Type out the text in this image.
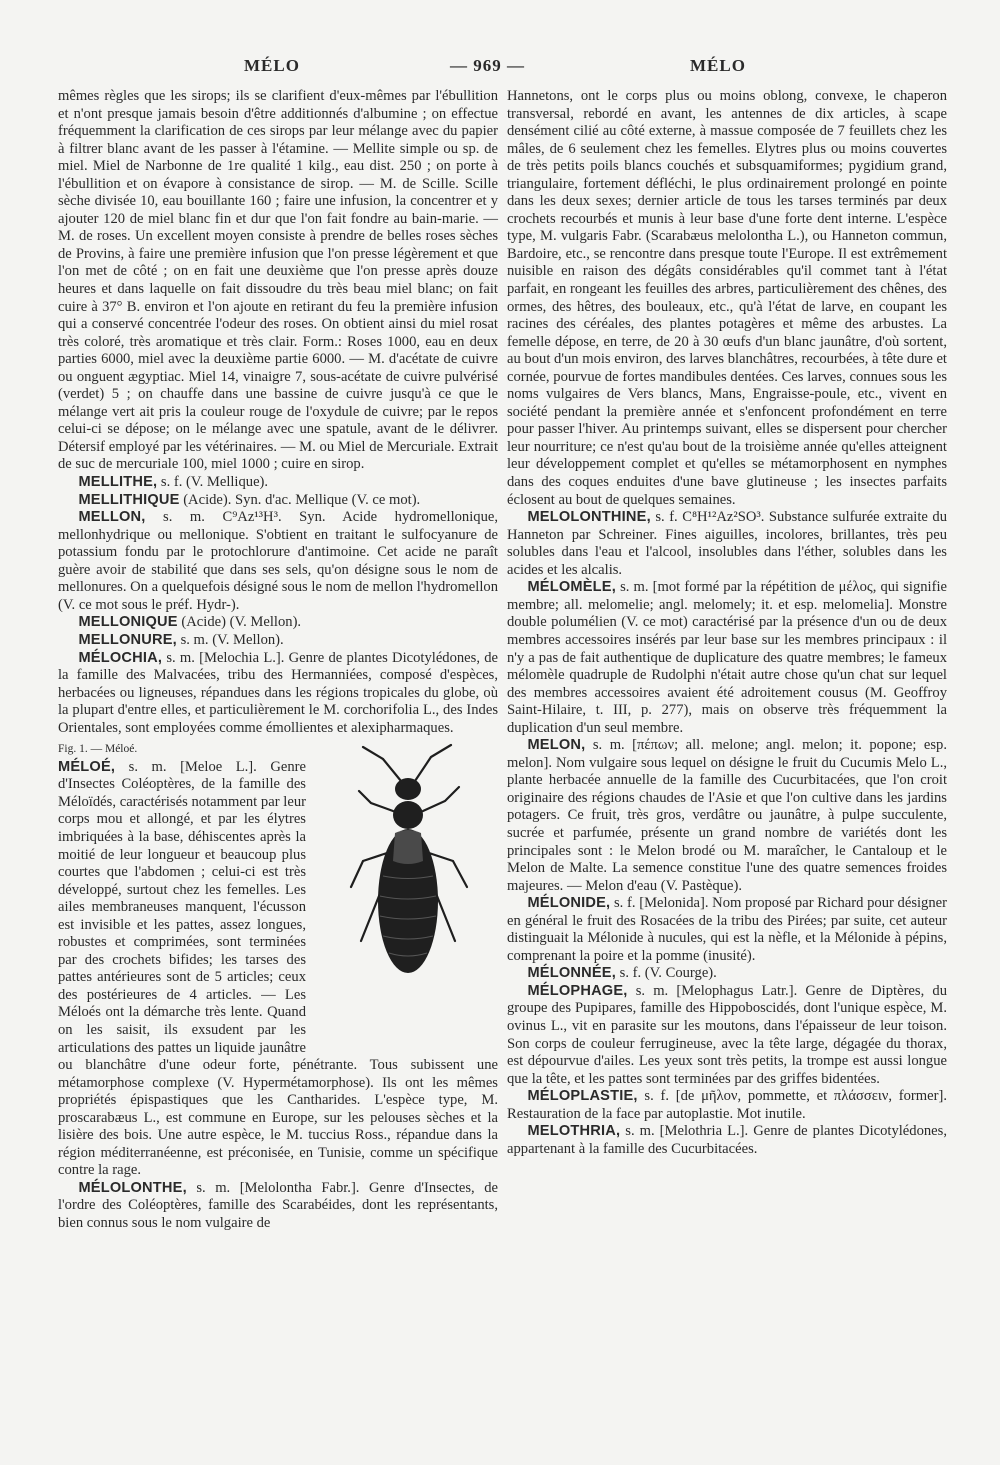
MÉLO	— 969 —	MÉLO

mêmes règles que les sirops; ils se clarifient d'eux-mêmes par l'ébullition et n'ont presque jamais besoin d'être additionnés d'albumine ; on effectue fréquemment la clarification de ces sirops par leur mélange avec du papier à filtrer blanc avant de les passer à l'étamine. — Mellite simple ou sp. de miel. Miel de Narbonne de 1re qualité 1 kilg., eau dist. 250 ; on porte à l'ébullition et on évapore à consistance de sirop. — M. de Scille. Scille sèche divisée 10, eau bouillante 160 ; faire une infusion, la concentrer et y ajouter 120 de miel blanc fin et dur que l'on fait fondre au bain-marie. — M. de roses. Un excellent moyen consiste à prendre de belles roses sèches de Provins, à faire une première infusion que l'on presse légèrement et que l'on met de côté ; on en fait une deuxième que l'on presse après douze heures et dans laquelle on fait dissoudre du très beau miel blanc; on fait cuire à 37° B. environ et l'on ajoute en retirant du feu la première infusion qui a conservé concentrée l'odeur des roses. On obtient ainsi du miel rosat très coloré, très aromatique et très clair. Form.: Roses 1000, eau en deux parties 6000, miel avec la deuxième partie 6000. — M. d'acétate de cuivre ou onguent ægyptiac. Miel 14, vinaigre 7, sous-acétate de cuivre pulvérisé (verdet) 5 ; on chauffe dans une bassine de cuivre jusqu'à ce que le mélange vert ait pris la couleur rouge de l'oxydule de cuivre; par le repos celui-ci se dépose; on le mélange avec une spatule, avant de le délivrer. Détersif employé par les vétérinaires. — M. ou Miel de Mercuriale. Extrait de suc de mercuriale 100, miel 1000 ; cuire en sirop.

MELLITHE, s. f. (V. Mellique).

MELLITHIQUE (Acide). Syn. d'ac. Mellique (V. ce mot).

MELLON, s. m. C⁹Az¹³H³. Syn. Acide hydromellonique, mellonhydrique ou mellonique. S'obtient en traitant le sulfocyanure de potassium fondu par le protochlorure d'antimoine. Cet acide ne paraît guère avoir de stabilité que dans ses sels, qu'on désigne sous le nom de mellonures. On a quelquefois désigné sous le nom de mellon l'hydromellon (V. ce mot sous le préf. Hydr-).

MELLONIQUE (Acide) (V. Mellon).

MELLONURE, s. m. (V. Mellon).

MÉLOCHIA, s. m. [Melochia L.]. Genre de plantes Dicotylédones, de la famille des Malvacées, tribu des Hermanniées, composé d'espèces, herbacées ou ligneuses, répandues dans les régions tropicales du globe, où la plupart d'entre elles, et particulièrement le M. corchorifolia L., des Indes Orientales, sont employées comme émollientes et alexipharmaques.

Fig. 1. — Méloé.
MÉLOÉ, s. m. [Meloe L.]. Genre d'Insectes Coléoptères, de la famille des Méloïdés, caractérisés notamment par leur corps mou et allongé, et par les élytres imbriquées à la base, déhiscentes après la moitié de leur longueur et beaucoup plus courtes que l'abdomen ; celui-ci est très développé, surtout chez les femelles. Les ailes membraneuses manquent, l'écusson est invisible et les pattes, assez longues, robustes et comprimées, sont terminées par des crochets bifides; les tarses des pattes antérieures sont de 5 articles; ceux des postérieures de 4 articles. — Les Méloés ont la démarche très lente. Quand on les saisit, ils exsudent par les articulations des pattes un liquide jaunâtre ou blanchâtre d'une odeur forte, pénétrante. Tous subissent une métamorphose complexe (V. Hypermétamorphose). Ils ont les mêmes propriétés épispastiques que les Cantharides. L'espèce type, M. proscarabæus L., est commune en Europe, sur les pelouses sèches et la lisière des bois. Une autre espèce, le M. tuccius Ross., répandue dans la région méditerranéenne, est préconisée, en Tunisie, comme un spécifique contre la rage.

MÉLOLONTHE, s. m. [Melolontha Fabr.]. Genre d'Insectes, de l'ordre des Coléoptères, famille des Scarabéides, dont les représentants, bien connus sous le nom vulgaire de

Hannetons, ont le corps plus ou moins oblong, convexe, le chaperon transversal, rebordé en avant, les antennes de dix articles, à scape densément cilié au côté externe, à massue composée de 7 feuillets chez les mâles, de 6 seulement chez les femelles. Elytres plus ou moins couvertes de très petits poils blancs couchés et subsquamiformes; pygidium grand, triangulaire, fortement défléchi, le plus ordinairement prolongé en pointe dans les deux sexes; dernier article de tous les tarses terminés par deux crochets recourbés et munis à leur base d'une forte dent interne. L'espèce type, M. vulgaris Fabr. (Scarabæus melolontha L.), ou Hanneton commun, Bardoire, etc., se rencontre dans presque toute l'Europe. Il est extrêmement nuisible en raison des dégâts considérables qu'il commet tant à l'état parfait, en rongeant les feuilles des arbres, particulièrement des chênes, des ormes, des hêtres, des bouleaux, etc., qu'à l'état de larve, en coupant les racines des céréales, des plantes potagères et même des arbustes. La femelle dépose, en terre, de 20 à 30 œufs d'un blanc jaunâtre, d'où sortent, au bout d'un mois environ, des larves blanchâtres, recourbées, à tête dure et cornée, pourvue de fortes mandibules dentées. Ces larves, connues sous les noms vulgaires de Vers blancs, Mans, Engraisse-poule, etc., vivent en société pendant la première année et s'enfoncent profondément en terre pour passer l'hiver. Au printemps suivant, elles se dispersent pour chercher leur nourriture; ce n'est qu'au bout de la troisième année qu'elles atteignent leur développement complet et qu'elles se métamorphosent en nymphes dans des coques enduites d'une bave glutineuse ; les insectes parfaits éclosent au bout de quelques semaines.

MELOLONTHINE, s. f. C⁸H¹²Az²SO³. Substance sulfurée extraite du Hanneton par Schreiner. Fines aiguilles, incolores, brillantes, très peu solubles dans l'eau et l'alcool, insolubles dans l'éther, solubles dans les acides et les alcalis.

MÉLOMÈLE, s. m. [mot formé par la répétition de μέλος, qui signifie membre; all. melomelie; angl. melomely; it. et esp. melomelia]. Monstre double polumélien (V. ce mot) caractérisé par la présence d'un ou de deux membres accessoires insérés par leur base sur les membres principaux : il n'y a pas de fait authentique de duplicature des quatre membres; le fameux mélomèle quadruple de Rudolphi n'était autre chose qu'un chat sur lequel des membres accessoires avaient été adroitement cousus (M. Geoffroy Saint-Hilaire, t. III, p. 277), mais on observe très fréquemment la duplication d'un seul membre.

MELON, s. m. [πέπων; all. melone; angl. melon; it. popone; esp. melon]. Nom vulgaire sous lequel on désigne le fruit du Cucumis Melo L., plante herbacée annuelle de la famille des Cucurbitacées, que l'on croit originaire des régions chaudes de l'Asie et que l'on cultive dans les jardins potagers. Ce fruit, très gros, verdâtre ou jaunâtre, à pulpe succulente, sucrée et parfumée, présente un grand nombre de variétés dont les principales sont : le Melon brodé ou M. maraîcher, le Cantaloup et le Melon de Malte. La semence constitue l'une des quatre semences froides majeures. — Melon d'eau (V. Pastèque).

MÉLONIDE, s. f. [Melonida]. Nom proposé par Richard pour désigner en général le fruit des Rosacées de la tribu des Pirées; par suite, cet auteur distinguait la Mélonide à nucules, qui est la nèfle, et la Mélonide à pépins, comprenant la poire et la pomme (inusité).

MÉLONNÉE, s. f. (V. Courge).

MÉLOPHAGE, s. m. [Melophagus Latr.]. Genre de Diptères, du groupe des Pupipares, famille des Hippoboscidés, dont l'unique espèce, M. ovinus L., vit en parasite sur les moutons, dans l'épaisseur de leur toison. Son corps de couleur ferrugineuse, avec la tête large, dégagée du thorax, est dépourvue d'ailes. Les yeux sont très petits, la trompe est aussi longue que la tête, et les pattes sont terminées par des griffes bidentées.

MÉLOPLASTIE, s. f. [de μῆλον, pommette, et πλάσσειν, former]. Restauration de la face par autoplastie. Mot inutile.

MELOTHRIA, s. m. [Melothria L.]. Genre de plantes Dicotylédones, appartenant à la famille des Cucurbitacées.
